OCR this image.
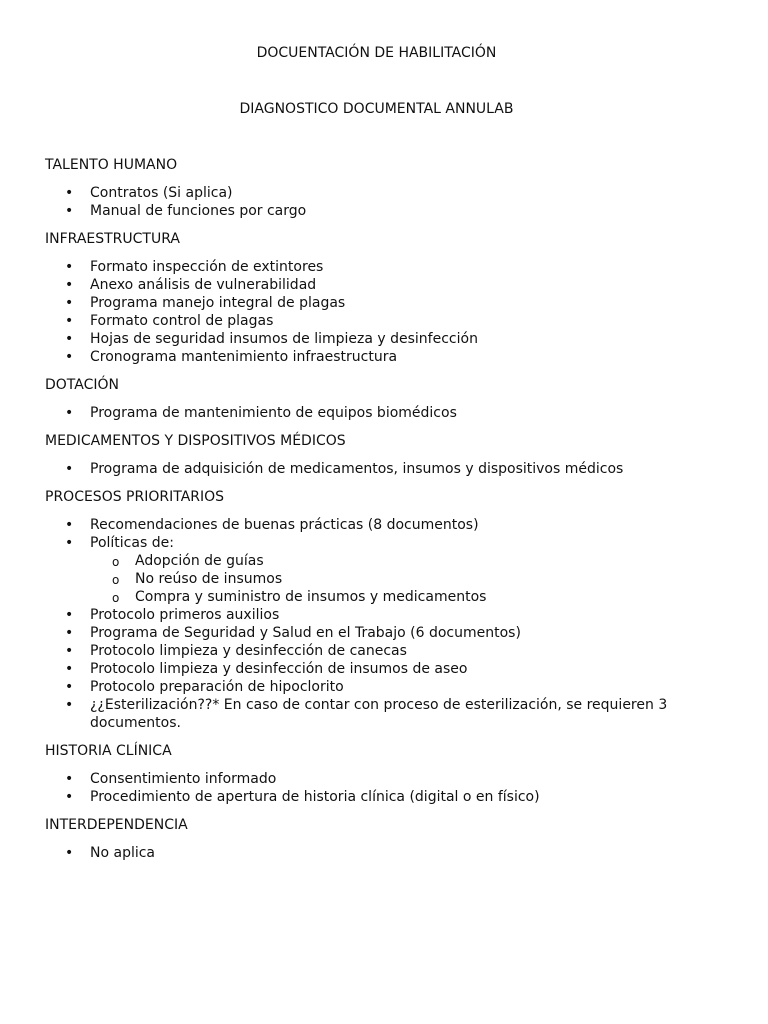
DOCUENTACIÓN DE HABILITACIÓN
DIAGNOSTICO DOCUMENTAL ANNULAB

TALENTO HUMANO

• Contratos (Si aplica)
• Manual de funciones por cargo

INFRAESTRUCTURA

• Formato inspección de extintores
• Anexo análisis de vulnerabilidad
• Programa manejo integral de plagas
• Formato control de plagas
• Hojas de seguridad insumos de limpieza y desinfección
• Cronograma mantenimiento infraestructura

DOTACIÓN

• Programa de mantenimiento de equipos biomédicos

MEDICAMENTOS Y DISPOSITIVOS MÉDICOS

• Programa de adquisición de medicamentos, insumos y dispositivos médicos

PROCESOS PRIORITARIOS

• Recomendaciones de buenas prácticas (8 documentos)
• Políticas de:
o Adopción de guías
o No reúso de insumos
o Compra y suministro de insumos y medicamentos
• Protocolo primeros auxilios
• Programa de Seguridad y Salud en el Trabajo (6 documentos)
• Protocolo limpieza y desinfección de canecas
• Protocolo limpieza y desinfección de insumos de aseo
• Protocolo preparación de hipoclorito
• ¿¿Esterilización??* En caso de contar con proceso de esterilización, se requieren 3 documentos.

HISTORIA CLÍNICA

• Consentimiento informado
• Procedimiento de apertura de historia clínica (digital o en físico)

INTERDEPENDENCIA

• No aplica
